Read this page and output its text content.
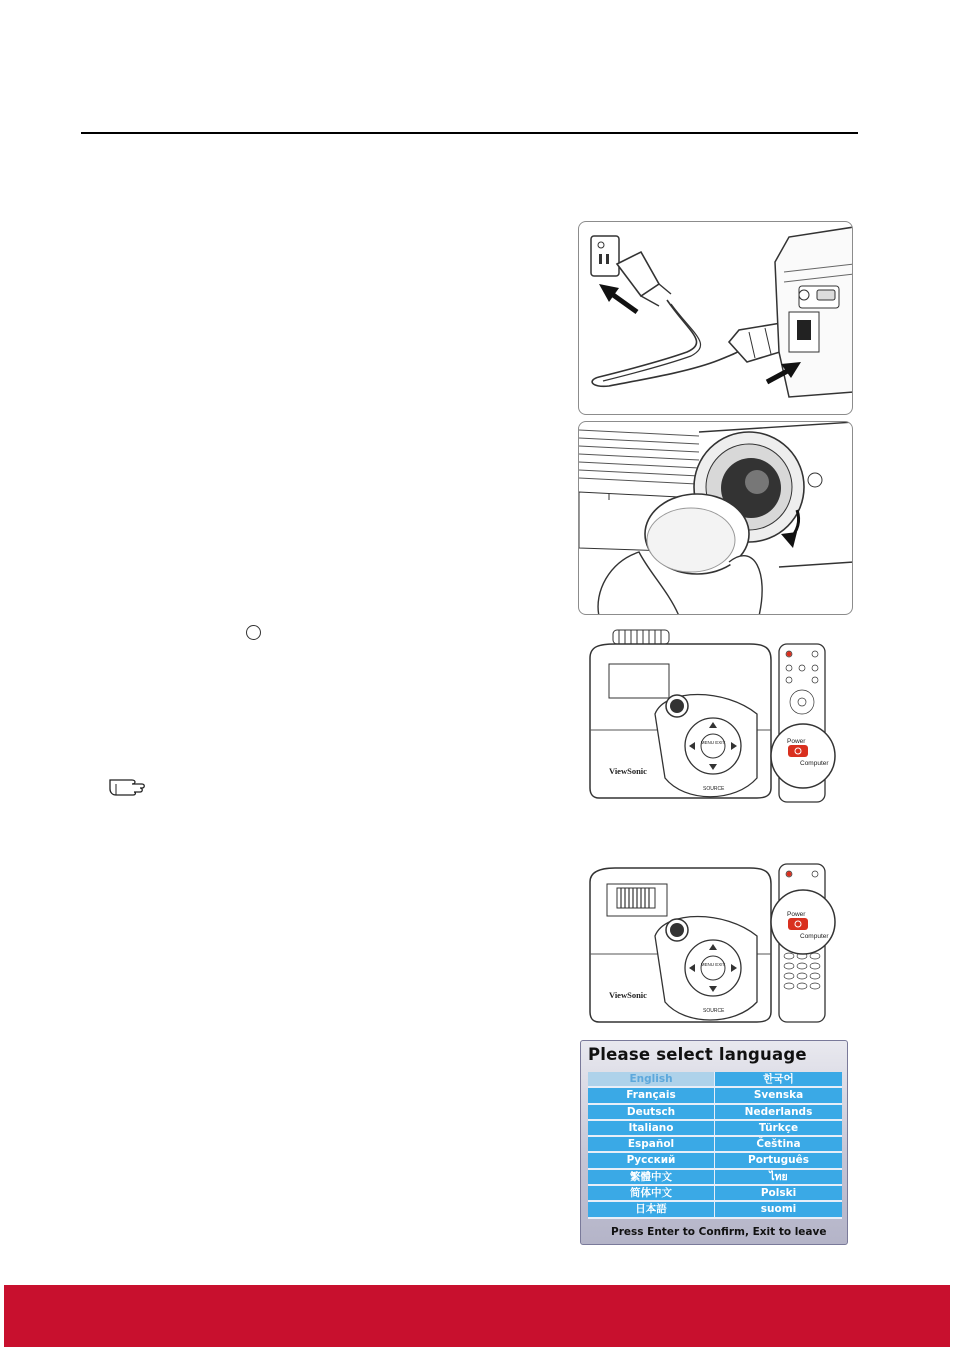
MENU EXIT
SOURCE
ViewSonic
Power
Computer
MENU EXIT
SOURCE
ViewSonic
Power
Computer
Please select language
English	한국어
Français	Svenska
Deutsch	Nederlands
Italiano	Türkçe
Español	Čeština
Русский	Português
繁體中文	ไทย
简体中文	Polski
日本語	suomi
Press Enter to Confirm, Exit to leave
